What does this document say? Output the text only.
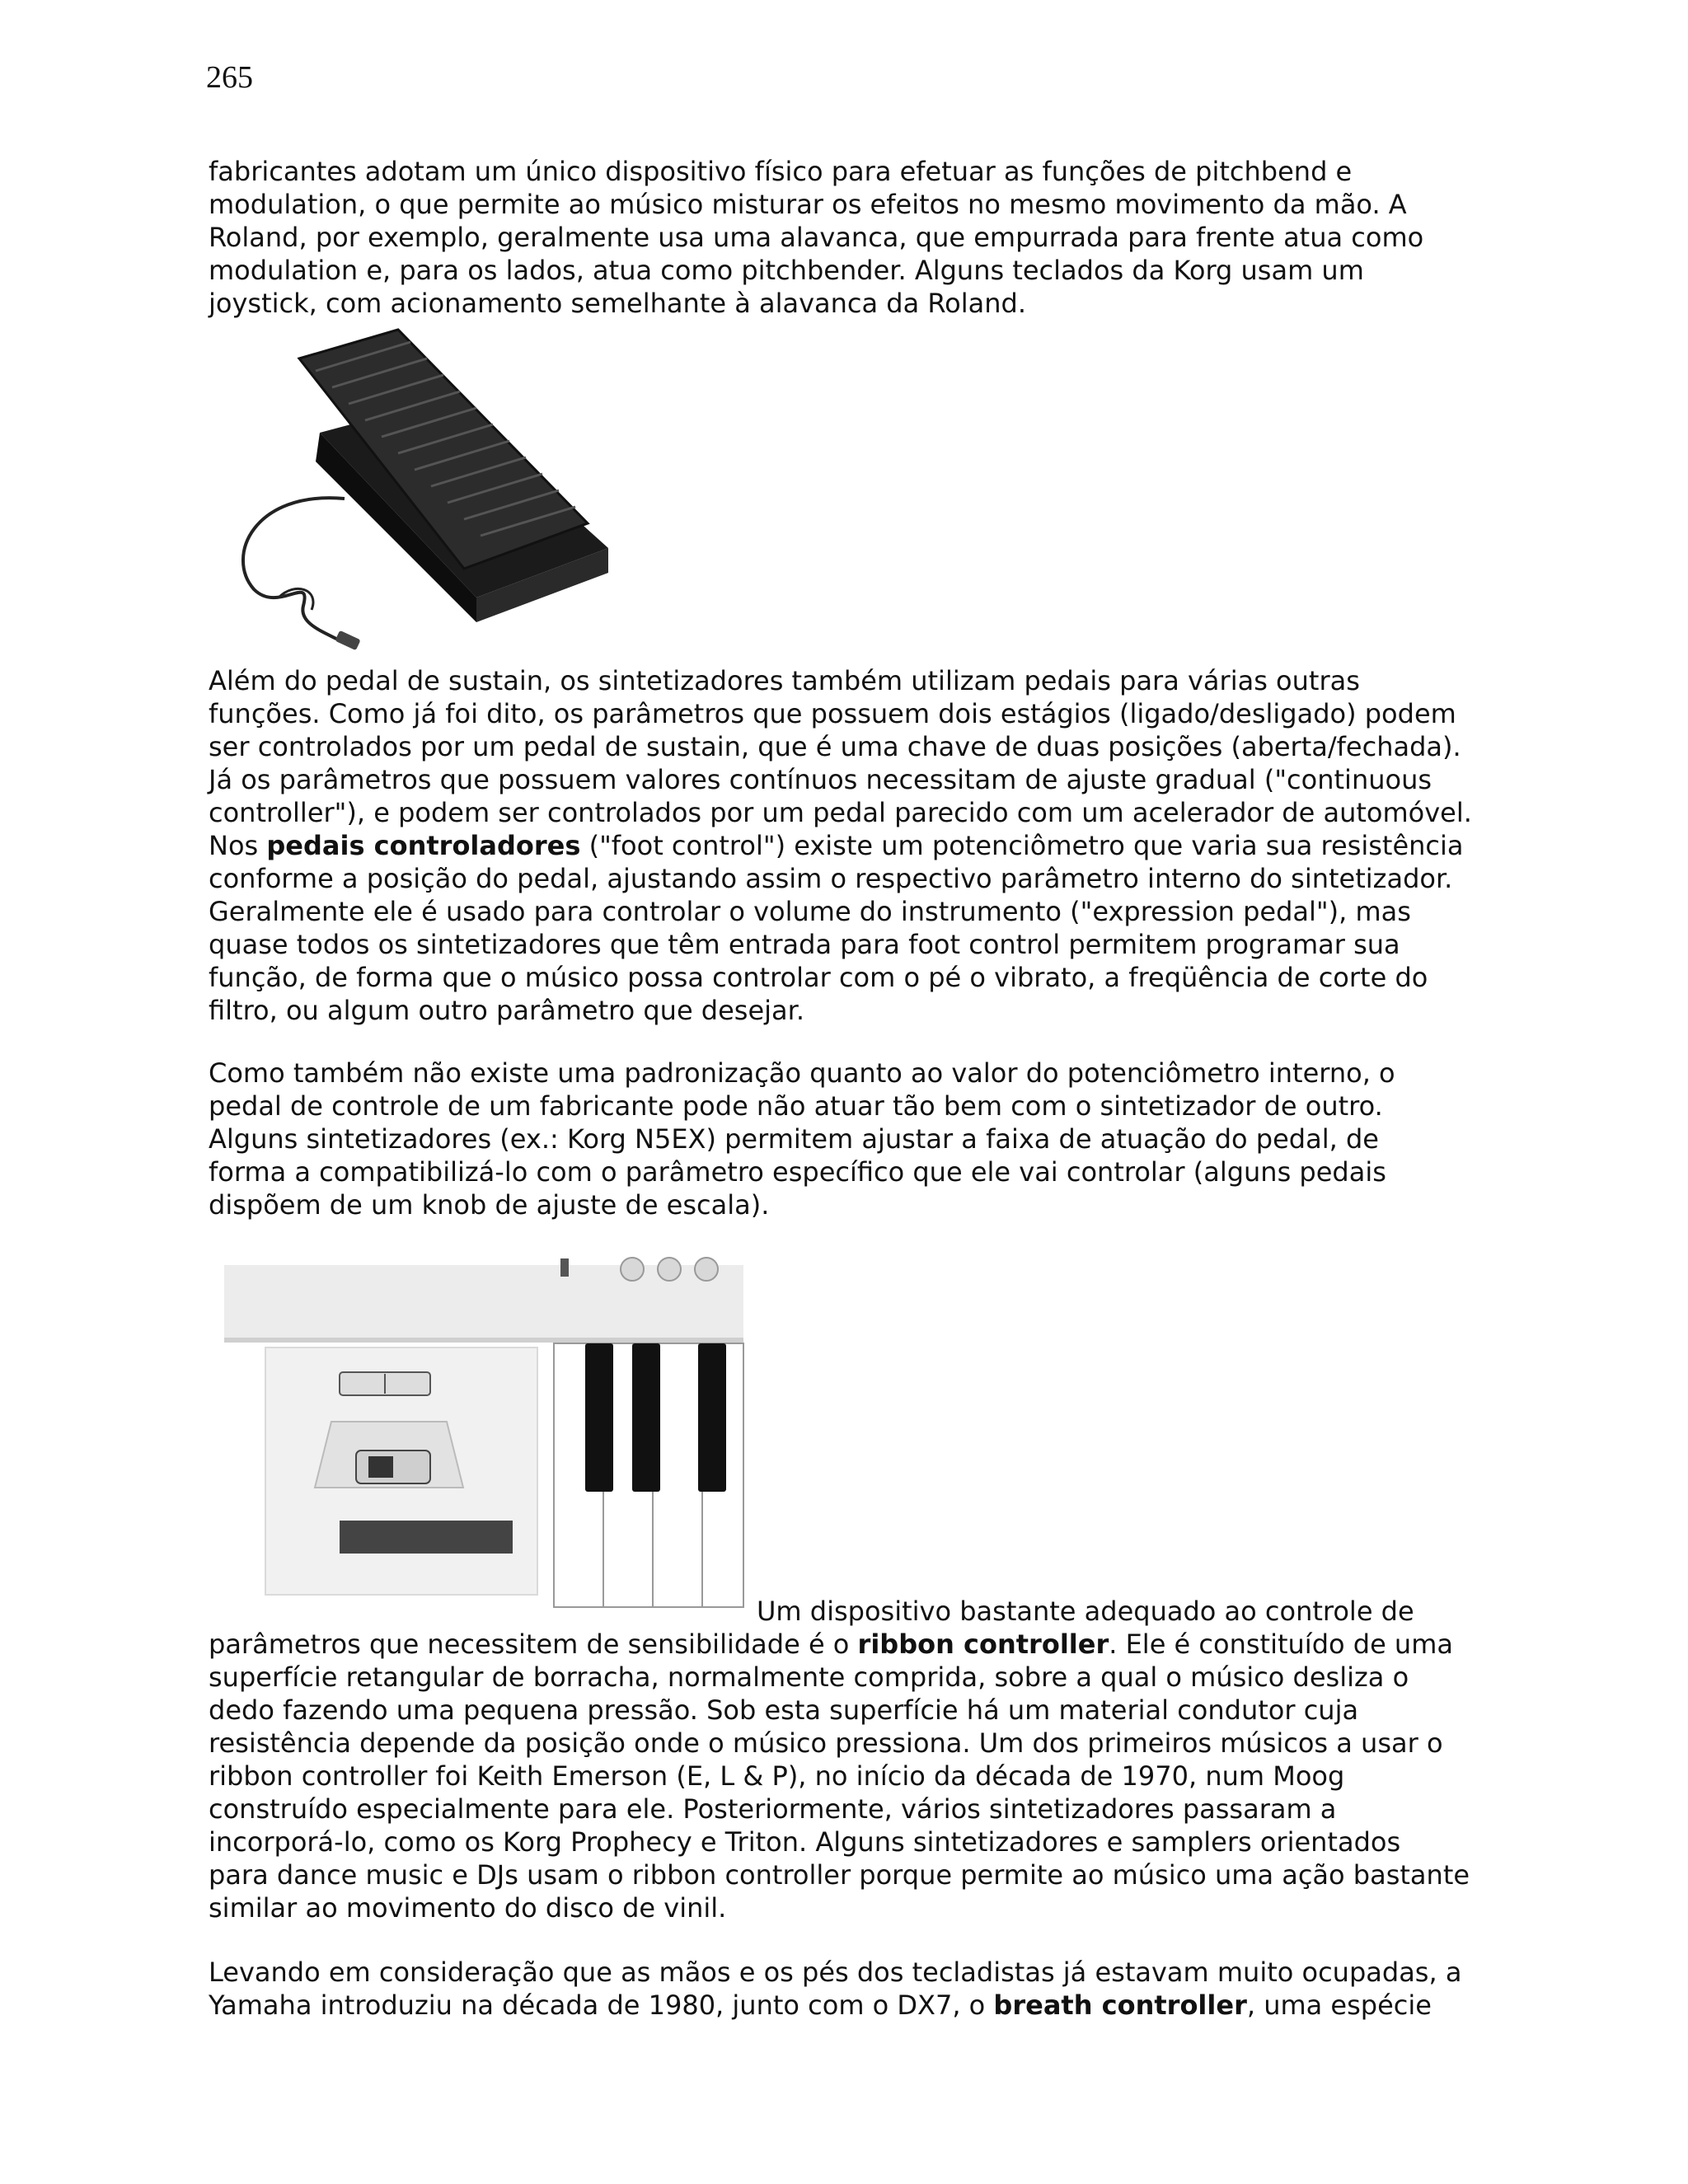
265

fabricantes adotam um único dispositivo físico para efetuar as funções de pitchbend e
modulation, o que permite ao músico misturar os efeitos no mesmo movimento da mão. A
Roland, por exemplo, geralmente usa uma alavanca, que empurrada para frente atua como
modulation e, para os lados, atua como pitchbender. Alguns teclados da Korg usam um
joystick, com acionamento semelhante à alavanca da Roland.

Além do pedal de sustain, os sintetizadores também utilizam pedais para várias outras
funções. Como já foi dito, os parâmetros que possuem dois estágios (ligado/desligado) podem
ser controlados por um pedal de sustain, que é uma chave de duas posições (aberta/fechada).
Já os parâmetros que possuem valores contínuos necessitam de ajuste gradual ("continuous
controller"), e podem ser controlados por um pedal parecido com um acelerador de automóvel.
Nos pedais controladores ("foot control") existe um potenciômetro que varia sua resistência
conforme a posição do pedal, ajustando assim o respectivo parâmetro interno do sintetizador.
Geralmente ele é usado para controlar o volume do instrumento ("expression pedal"), mas
quase todos os sintetizadores que têm entrada para foot control permitem programar sua
função, de forma que o músico possa controlar com o pé o vibrato, a freqüência de corte do
filtro, ou algum outro parâmetro que desejar.

Como também não existe uma padronização quanto ao valor do potenciômetro interno, o
pedal de controle de um fabricante pode não atuar tão bem com o sintetizador de outro.
Alguns sintetizadores (ex.: Korg N5EX) permitem ajustar a faixa de atuação do pedal, de
forma a compatibilizá-lo com o parâmetro específico que ele vai controlar (alguns pedais
dispõem de um knob de ajuste de escala).

Um dispositivo bastante adequado ao controle de

parâmetros que necessitem de sensibilidade é o ribbon controller. Ele é constituído de uma
superfície retangular de borracha, normalmente comprida, sobre a qual o músico desliza o
dedo fazendo uma pequena pressão. Sob esta superfície há um material condutor cuja
resistência depende da posição onde o músico pressiona. Um dos primeiros músicos a usar o
ribbon controller foi Keith Emerson (E, L & P), no início da década de 1970, num Moog
construído especialmente para ele. Posteriormente, vários sintetizadores passaram a
incorporá-lo, como os Korg Prophecy e Triton. Alguns sintetizadores e samplers orientados
para dance music e DJs usam o ribbon controller porque permite ao músico uma ação bastante
similar ao movimento do disco de vinil.

Levando em consideração que as mãos e os pés dos tecladistas já estavam muito ocupadas, a
Yamaha introduziu na década de 1980, junto com o DX7, o breath controller, uma espécie
